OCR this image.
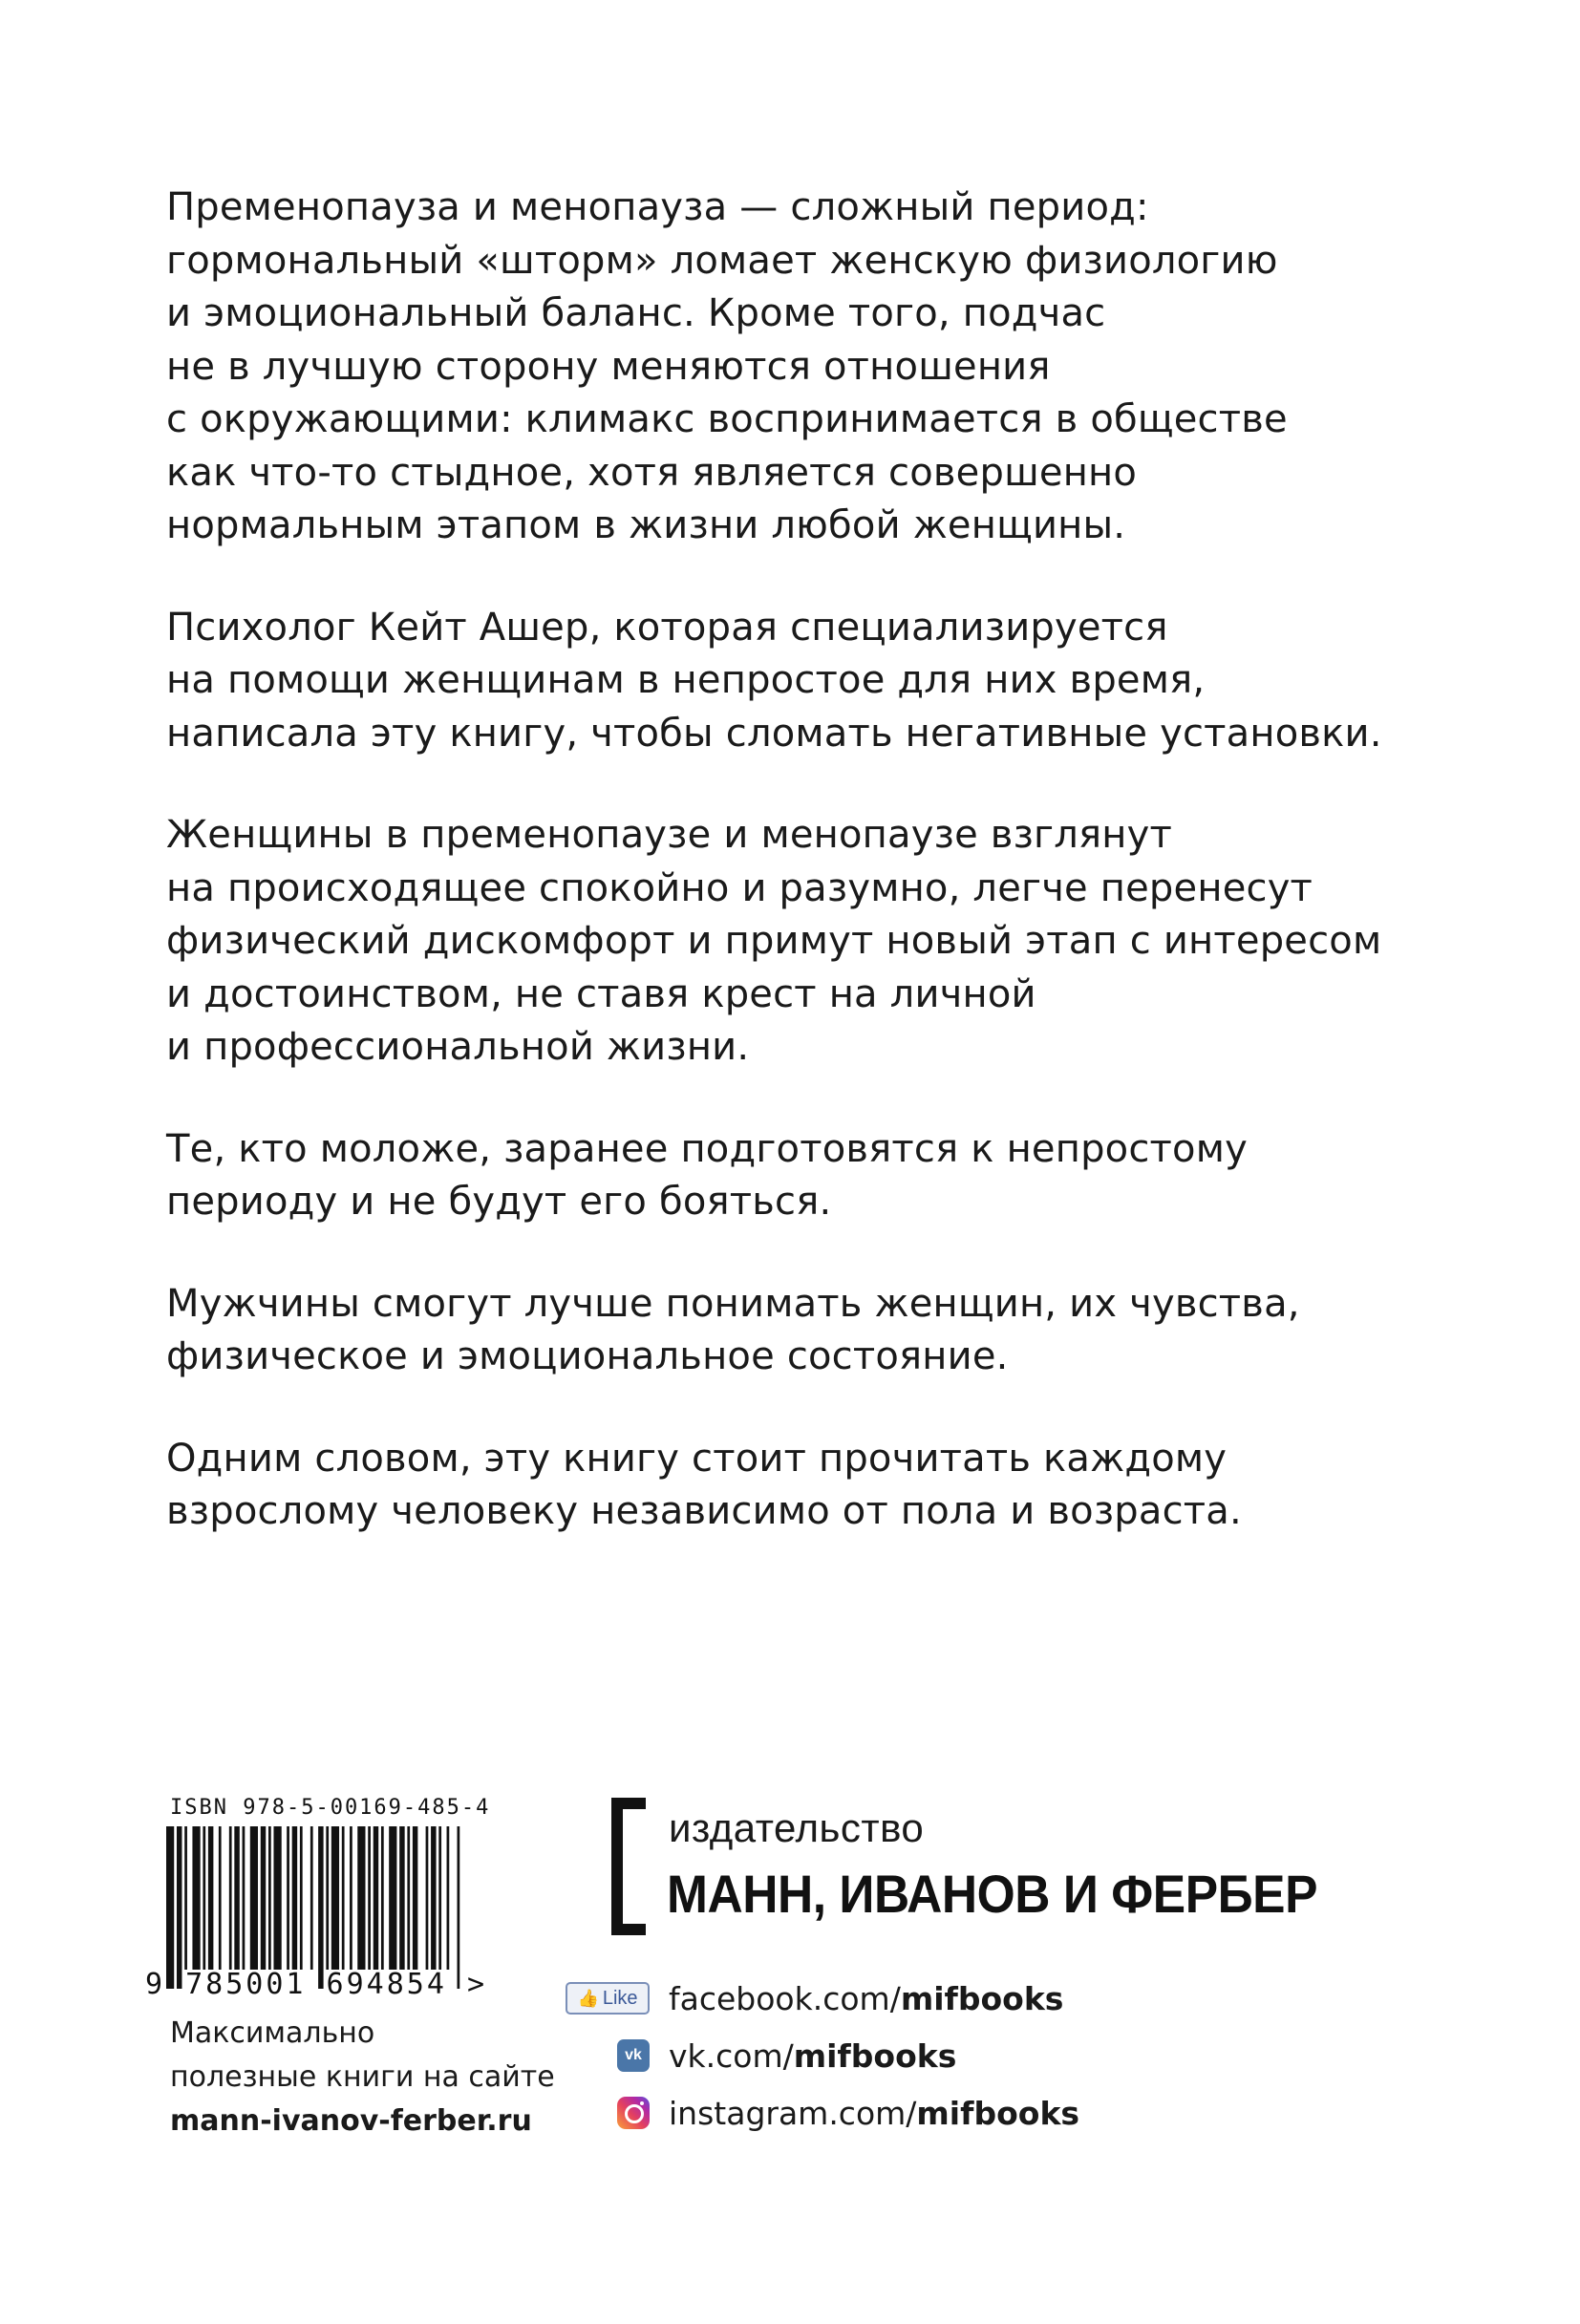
Пременопауза и менопауза — сложный период:
гормональный «шторм» ломает женскую физиологию
и эмоциональный баланс. Кроме того, подчас
не в лучшую сторону меняются отношения
с окружающими: климакс воспринимается в обществе
как что-то стыдное, хотя является совершенно
нормальным этапом в жизни любой женщины.

Психолог Кейт Ашер, которая специализируется
на помощи женщинам в непростое для них время,
написала эту книгу, чтобы сломать негативные установки.

Женщины в пременопаузе и менопаузе взглянут
на происходящее спокойно и разумно, легче перенесут
физический дискомфорт и примут новый этап с интересом
и достоинством, не ставя крест на личной
и профессиональной жизни.

Те, кто моложе, заранее подготовятся к непростому
периоду и не будут его бояться.

Мужчины смогут лучше понимать женщин, их чувства,
физическое и эмоциональное состояние.

Одним словом, эту книгу стоит прочитать каждому
взрослому человеку независимо от пола и возраста.

ISBN 978-5-00169-485-4
9 785001 694854 >
Максимально
полезные книги на сайте
mann-ivanov-ferber.ru
издательство
МАНН, ИВАНОВ И ФЕРБЕР
👍 Like facebook.com/mifbooks
vk vk.com/mifbooks
instagram.com/mifbooks
